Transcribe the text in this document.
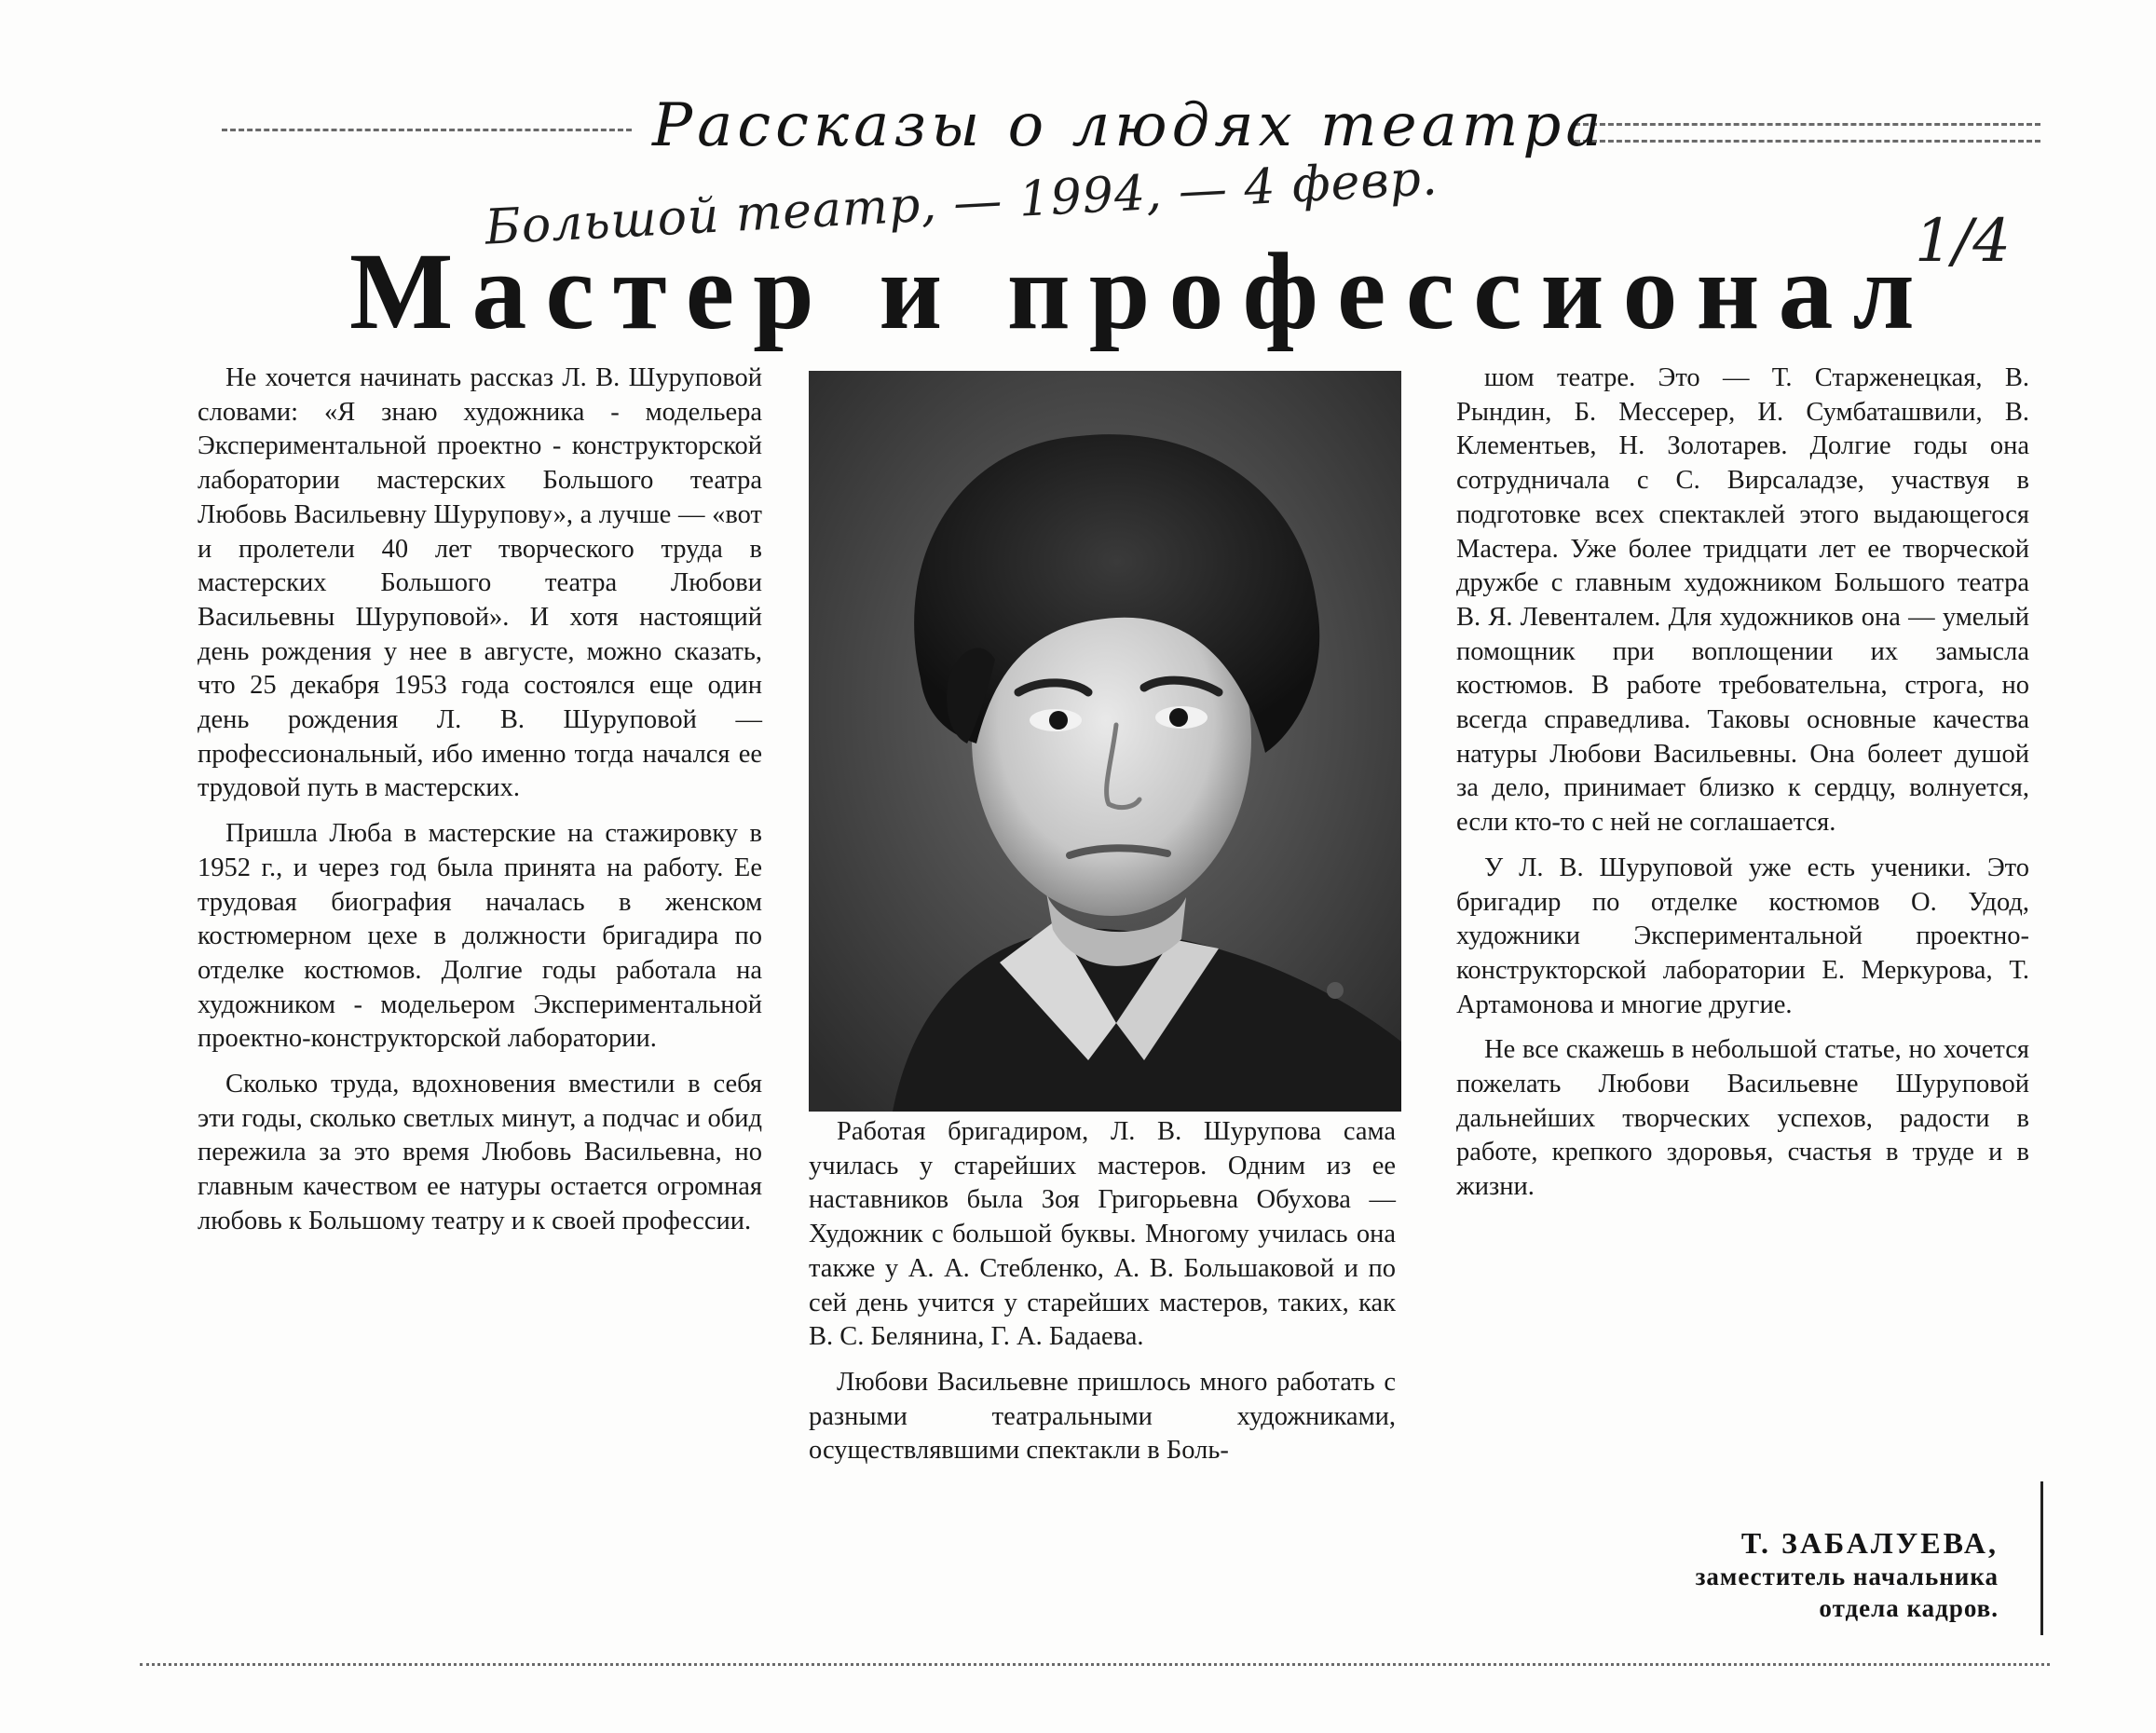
Рассказы о людях театра
Большой театр, — 1994, — 4 февр.	1/4
Мастер и профессионал

Не хочется начинать рассказ Л. В. Шуруповой словами: «Я знаю художника - модельера Экспериментальной проектно - конструкторской лаборатории мастерских Большого театра Любовь Васильевну Шурупову», а лучше — «вот и пролетели 40 лет творческого труда в мастерских Большого театра Любови Васильевны Шуруповой». И хотя настоящий день рождения у нее в августе, можно сказать, что 25 декабря 1953 года состоялся еще один день рождения Л. В. Шуруповой — профессиональный, ибо именно тогда начался ее трудовой путь в мастерских.

Пришла Люба в мастерские на стажировку в 1952 г., и через год была принята на работу. Ее трудовая биография началась в женском костюмерном цехе в должности бригадира по отделке костюмов. Долгие годы работала на художником - модельером Экспериментальной проектно-конструкторской лаборатории.

Сколько труда, вдохновения вместили в себя эти годы, сколько светлых минут, а подчас и обид пережила за это время Любовь Васильевна, но главным качеством ее натуры остается огромная любовь к Большому театру и к своей профессии.

Работая бригадиром, Л. В. Шурупова сама училась у старейших мастеров. Одним из ее наставников была Зоя Григорьевна Обухова — Художник с большой буквы. Многому училась она также у А. А. Стебленко, А. В. Большаковой и по сей день учится у старейших мастеров, таких, как В. С. Белянина, Г. А. Бадаева.

Любови Васильевне пришлось много работать с разными театральными художниками, осуществлявшими спектакли в Боль-

шом театре. Это — Т. Старженецкая, В. Рындин, Б. Мессерер, И. Сумбаташвили, В. Клементьев, Н. Золотарев. Долгие годы она сотрудничала с С. Вирсаладзе, участвуя в подготовке всех спектаклей этого выдающегося Мастера. Уже более тридцати лет ее творческой дружбе с главным художником Большого театра В. Я. Левенталем. Для художников она — умелый помощник при воплощении их замысла костюмов. В работе требовательна, строга, но всегда справедлива. Таковы основные качества натуры Любови Васильевны. Она болеет душой за дело, принимает близко к сердцу, волнуется, если кто-то с ней не соглашается.

У Л. В. Шуруповой уже есть ученики. Это бригадир по отделке костюмов О. Удод, художники Экспериментальной проектно-конструкторской лаборатории Е. Меркурова, Т. Артамонова и многие другие.

Не все скажешь в небольшой статье, но хочется пожелать Любови Васильевне Шуруповой дальнейших творческих успехов, радости в работе, крепкого здоровья, счастья в труде и в жизни.

Т. ЗАБАЛУЕВА,
заместитель начальника
отдела кадров.
